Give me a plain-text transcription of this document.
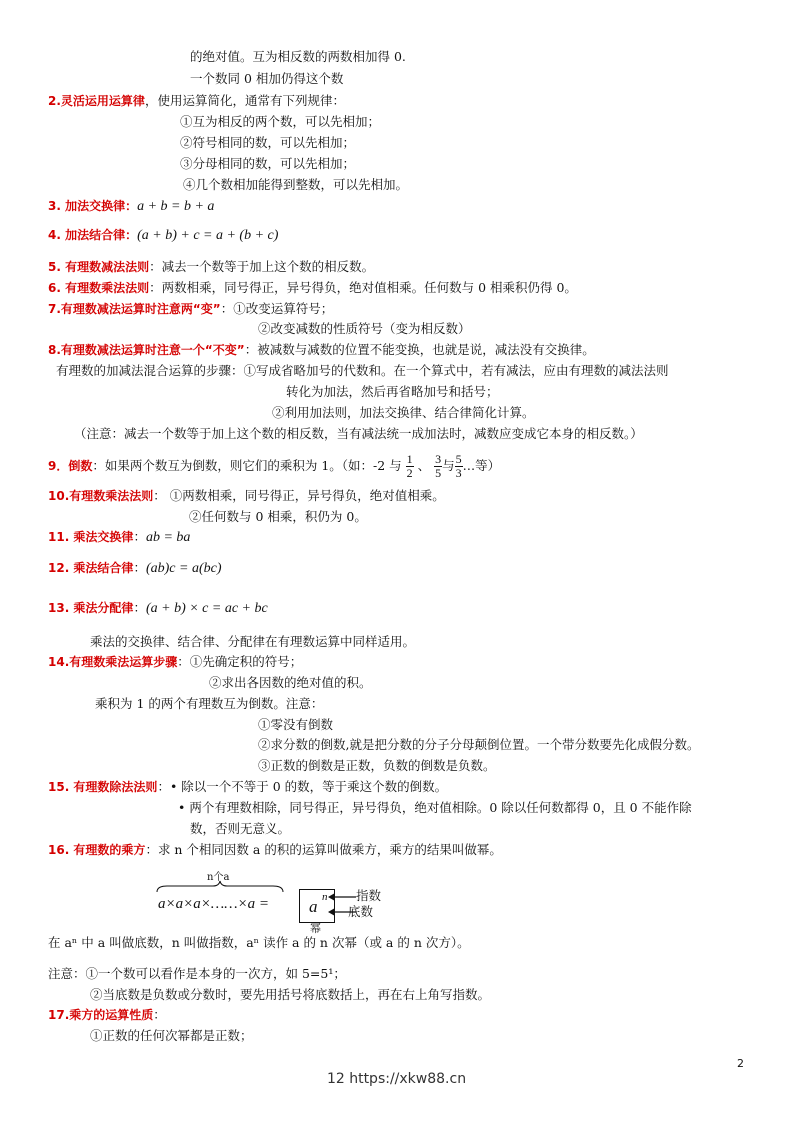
的绝对值。互为相反数的两数相加得 0.
一个数同 0 相加仍得这个数
2.灵活运用运算律，使用运算简化，通常有下列规律：
①互为相反的两个数，可以先相加；
②符号相同的数，可以先相加；
③分母相同的数，可以先相加；
④几个数相加能得到整数，可以先相加。
3. 加法交换律：a + b = b + a
4. 加法结合律：(a + b) + c = a + (b + c)
5. 有理数减法法则：减去一个数等于加上这个数的相反数。
6. 有理数乘法法则：两数相乘，同号得正，异号得负，绝对值相乘。任何数与 0 相乘积仍得 0。
7.有理数减法运算时注意两“变”：①改变运算符号；
②改变减数的性质符号（变为相反数）
8.有理数减法运算时注意一个“不变”：被减数与减数的位置不能变换，也就是说，减法没有交换律。
有理数的加减法混合运算的步骤：①写成省略加号的代数和。在一个算式中，若有减法，应由有理数的减法法则
转化为加法，然后再省略加号和括号；
②利用加法则，加法交换律、结合律简化计算。
（注意：减去一个数等于加上这个数的相反数，当有减法统一成加法时，减数应变成它本身的相反数。）
9．倒数：如果两个数互为倒数，则它们的乘积为 1。（如：-2 与 $\frac{1}{2}$ 、 $\frac{3}{5}$ 与 $\frac{5}{3}$ …等）
10.有理数乘法法则： ①两数相乘，同号得正，异号得负，绝对值相乘。
②任何数与 0 相乘，积仍为 0。
11. 乘法交换律：ab = ba
12. 乘法结合律：(ab)c = a(bc)
13. 乘法分配律：(a + b) × c = ac + bc
乘法的交换律、结合律、分配律在有理数运算中同样适用。
14.有理数乘法运算步骤：①先确定积的符号；
②求出各因数的绝对值的积。
乘积为 1 的两个有理数互为倒数。注意：
①零没有倒数
②求分数的倒数,就是把分数的分子分母颠倒位置。一个带分数要先化成假分数。
③正数的倒数是正数，负数的倒数是负数。
15. 有理数除法法则：• 除以一个不等于 0 的数，等于乘这个数的倒数。
• 两个有理数相除，同号得正，异号得负，绝对值相除。0 除以任何数都得 0，且 0 不能作除
数，否则无意义。
16. 有理数的乘方：求 n 个相同因数 a 的积的运算叫做乘方，乘方的结果叫做幂。
n个a
a×a×a×……×a = a n 指数
底数
幂
在 aⁿ 中 a 叫做底数，n 叫做指数，aⁿ 读作 a 的 n 次幂（或 a 的 n 次方）。
注意：①一个数可以看作是本身的一次方，如 5=5¹；
②当底数是负数或分数时，要先用括号将底数括上，再在右上角写指数。
17.乘方的运算性质：
①正数的任何次幂都是正数；
2
12 https://xkw88.cn
